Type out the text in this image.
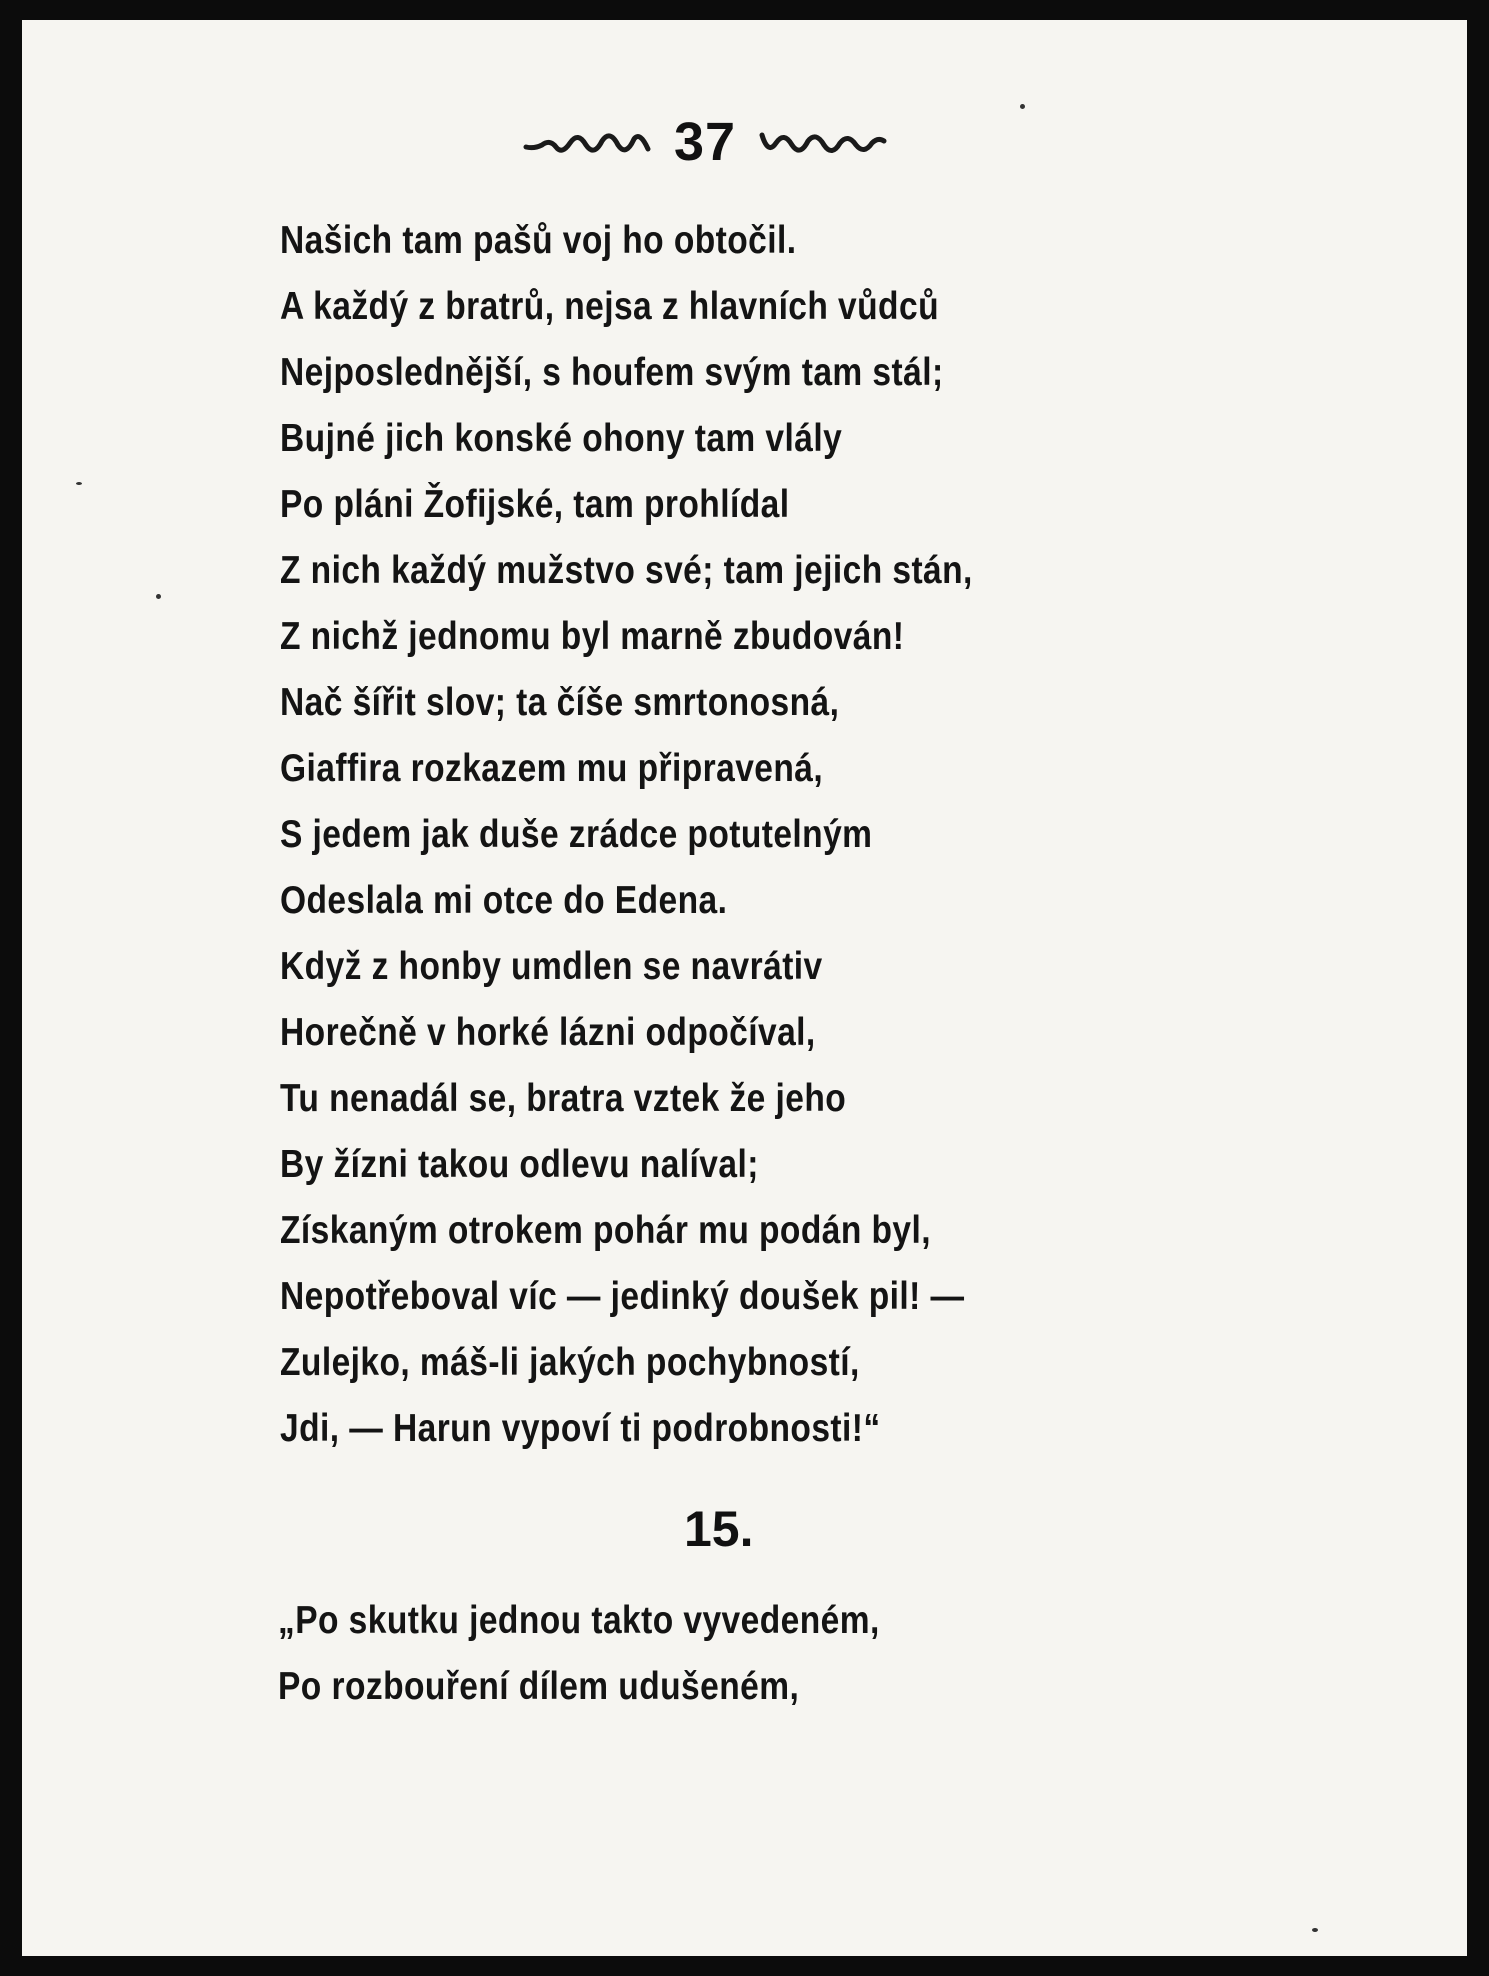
37
Našich tam pašů voj ho obtočil.
A každý z bratrů, nejsa z hlavních vůdců
Nejposlednější, s houfem svým tam stál;
Bujné jich konské ohony tam vlály
Po pláni Žofijské, tam prohlídal
Z nich každý mužstvo své; tam jejich stán,
Z nichž jednomu byl marně zbudován!
Nač šířit slov; ta číše smrtonosná,
Giaffira rozkazem mu připravená,
S jedem jak duše zrádce potutelným
Odeslala mi otce do Edena.
Když z honby umdlen se navrátiv
Horečně v horké lázni odpočíval,
Tu nenadál se, bratra vztek že jeho
By žízni takou odlevu nalíval;
Získaným otrokem pohár mu podán byl,
Nepotřeboval víc — jedinký doušek pil! —
Zulejko, máš-li jakých pochybností,
Jdi, — Harun vypoví ti podrobnosti!“
15.
„Po skutku jednou takto vyvedeném,
Po rozbouření dílem udušeném,
